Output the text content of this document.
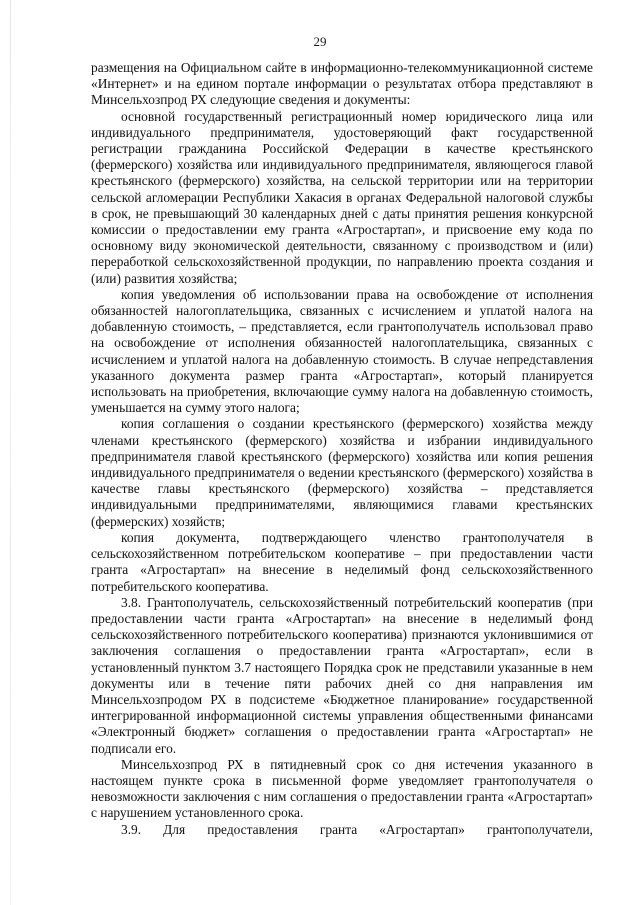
29

размещения на Официальном сайте в информационно-телекоммуникационной системе «Интернет» и на едином портале информации о результатах отбора представляют в Минсельхозпрод РХ следующие сведения и документы:

основной государственный регистрационный номер юридического лица или индивидуального предпринимателя, удостоверяющий факт государственной регистрации гражданина Российской Федерации в качестве крестьянского (фермерского) хозяйства или индивидуального предпринимателя, являющегося главой крестьянского (фермерского) хозяйства, на сельской территории или на территории сельской агломерации Республики Хакасия в органах Федеральной налоговой службы в срок, не превышающий 30 календарных дней с даты принятия решения конкурсной комиссии о предоставлении ему гранта «Агростартап», и присвоение ему кода по основному виду экономической деятельности, связанному с производством и (или) переработкой сельскохозяйственной продукции, по направлению проекта создания и (или) развития хозяйства;

копия уведомления об использовании права на освобождение от исполнения обязанностей налогоплательщика, связанных с исчислением и уплатой налога на добавленную стоимость, – представляется, если грантополучатель использовал право на освобождение от исполнения обязанностей налогоплательщика, связанных с исчислением и уплатой налога на добавленную стоимость. В случае непредставления указанного документа размер гранта «Агростартап», который планируется использовать на приобретения, включающие сумму налога на добавленную стоимость, уменьшается на сумму этого налога;

копия соглашения о создании крестьянского (фермерского) хозяйства между членами крестьянского (фермерского) хозяйства и избрании индивидуального предпринимателя главой крестьянского (фермерского) хозяйства или копия решения индивидуального предпринимателя о ведении крестьянского (фермерского) хозяйства в качестве главы крестьянского (фермерского) хозяйства – представляется индивидуальными предпринимателями, являющимися главами крестьянских (фермерских) хозяйств;

копия документа, подтверждающего членство грантополучателя в сельскохозяйственном потребительском кооперативе – при предоставлении части гранта «Агростартап» на внесение в неделимый фонд сельскохозяйственного потребительского кооператива.

3.8. Грантополучатель, сельскохозяйственный потребительский кооператив (при предоставлении части гранта «Агростартап» на внесение в неделимый фонд сельскохозяйственного потребительского кооператива) признаются уклонившимися от заключения соглашения о предоставлении гранта «Агростартап», если в установленный пунктом 3.7 настоящего Порядка срок не представили указанные в нем документы или в течение пяти рабочих дней со дня направления им Минсельхозпродом РХ в подсистеме «Бюджетное планирование» государственной интегрированной информационной системы управления общественными финансами «Электронный бюджет» соглашения о предоставлении гранта «Агростартап» не подписали его.

Минсельхозпрод РХ в пятидневный срок со дня истечения указанного в настоящем пункте срока в письменной форме уведомляет грантополучателя о невозможности заключения с ним соглашения о предоставлении гранта «Агростартап» с нарушением установленного срока.

3.9. Для предоставления гранта «Агростартап» грантополучатели,
